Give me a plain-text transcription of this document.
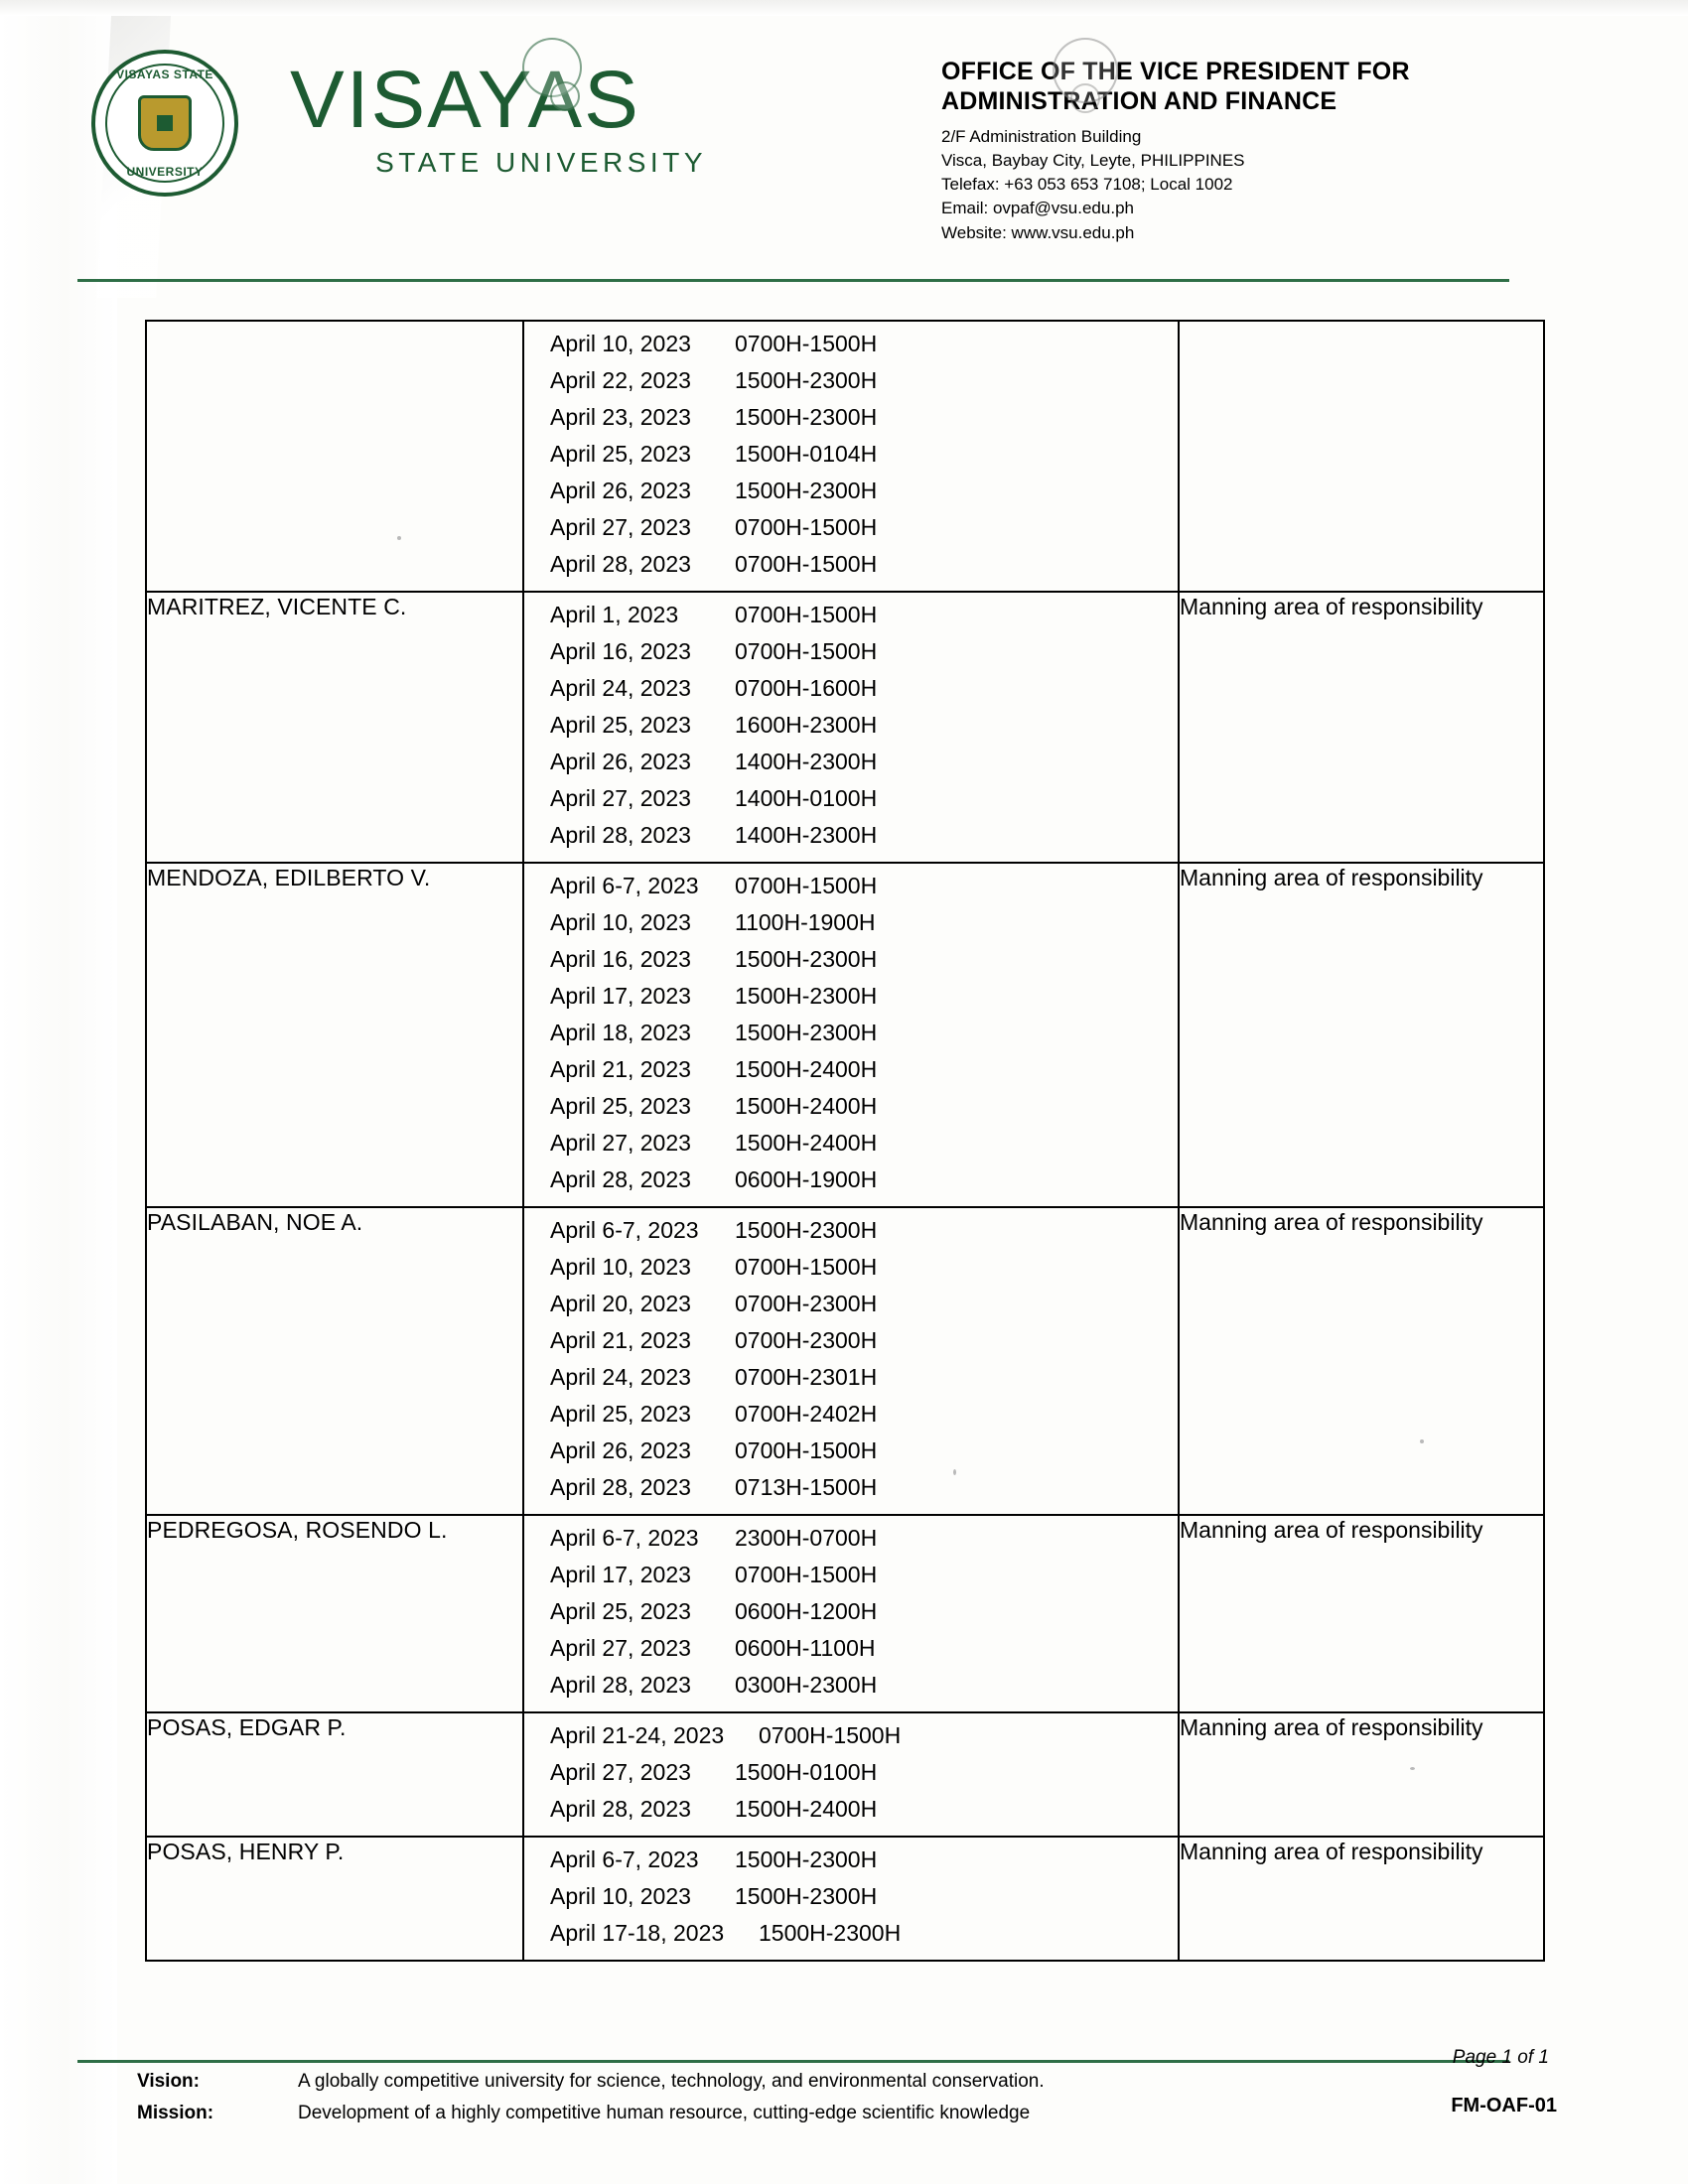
VISAYAS STATE
UNIVERSITY
VISAYAS
STATE UNIVERSITY
OFFICE OF THE VICE PRESIDENT FOR ADMINISTRATION AND FINANCE
2/F Administration Building
Visca, Baybay City, Leyte, PHILIPPINES
Telefax: +63 053 653 7108; Local 1002
Email: ovpaf@vsu.edu.ph
Website: www.vsu.edu.ph

April 10, 2023	0700H-1500H
April 22, 2023	1500H-2300H
April 23, 2023	1500H-2300H
April 25, 2023	1500H-0104H
April 26, 2023	1500H-2300H
April 27, 2023	0700H-1500H
April 28, 2023	0700H-1500H

MARITREZ, VICENTE C.	April 1, 2023	0700H-1500H
April 16, 2023	0700H-1500H
April 24, 2023	0700H-1600H
April 25, 2023	1600H-2300H
April 26, 2023	1400H-2300H
April 27, 2023	1400H-0100H
April 28, 2023	1400H-2300H
	Manning area of responsibility
MENDOZA, EDILBERTO V.	April 6-7, 2023	0700H-1500H
April 10, 2023	1100H-1900H
April 16, 2023	1500H-2300H
April 17, 2023	1500H-2300H
April 18, 2023	1500H-2300H
April 21, 2023	1500H-2400H
April 25, 2023	1500H-2400H
April 27, 2023	1500H-2400H
April 28, 2023	0600H-1900H
	Manning area of responsibility
PASILABAN, NOE A.	April 6-7, 2023	1500H-2300H
April 10, 2023	0700H-1500H
April 20, 2023	0700H-2300H
April 21, 2023	0700H-2300H
April 24, 2023	0700H-2301H
April 25, 2023	0700H-2402H
April 26, 2023	0700H-1500H
April 28, 2023	0713H-1500H
	Manning area of responsibility
PEDREGOSA, ROSENDO L.	April 6-7, 2023	2300H-0700H
April 17, 2023	0700H-1500H
April 25, 2023	0600H-1200H
April 27, 2023	0600H-1100H
April 28, 2023	0300H-2300H
	Manning area of responsibility
POSAS, EDGAR P.	April 21-24, 2023	0700H-1500H
April 27, 2023	1500H-0100H
April 28, 2023	1500H-2400H
	Manning area of responsibility
POSAS, HENRY P.	April 6-7, 2023	1500H-2300H
April 10, 2023	1500H-2300H
April 17-18, 2023	1500H-2300H
	Manning area of responsibility
Page 1 of 1
FM-OAF-01
Vision:	A globally competitive university for science, technology, and environmental conservation.
Mission:	Development of a highly competitive human resource, cutting-edge scientific knowledge
